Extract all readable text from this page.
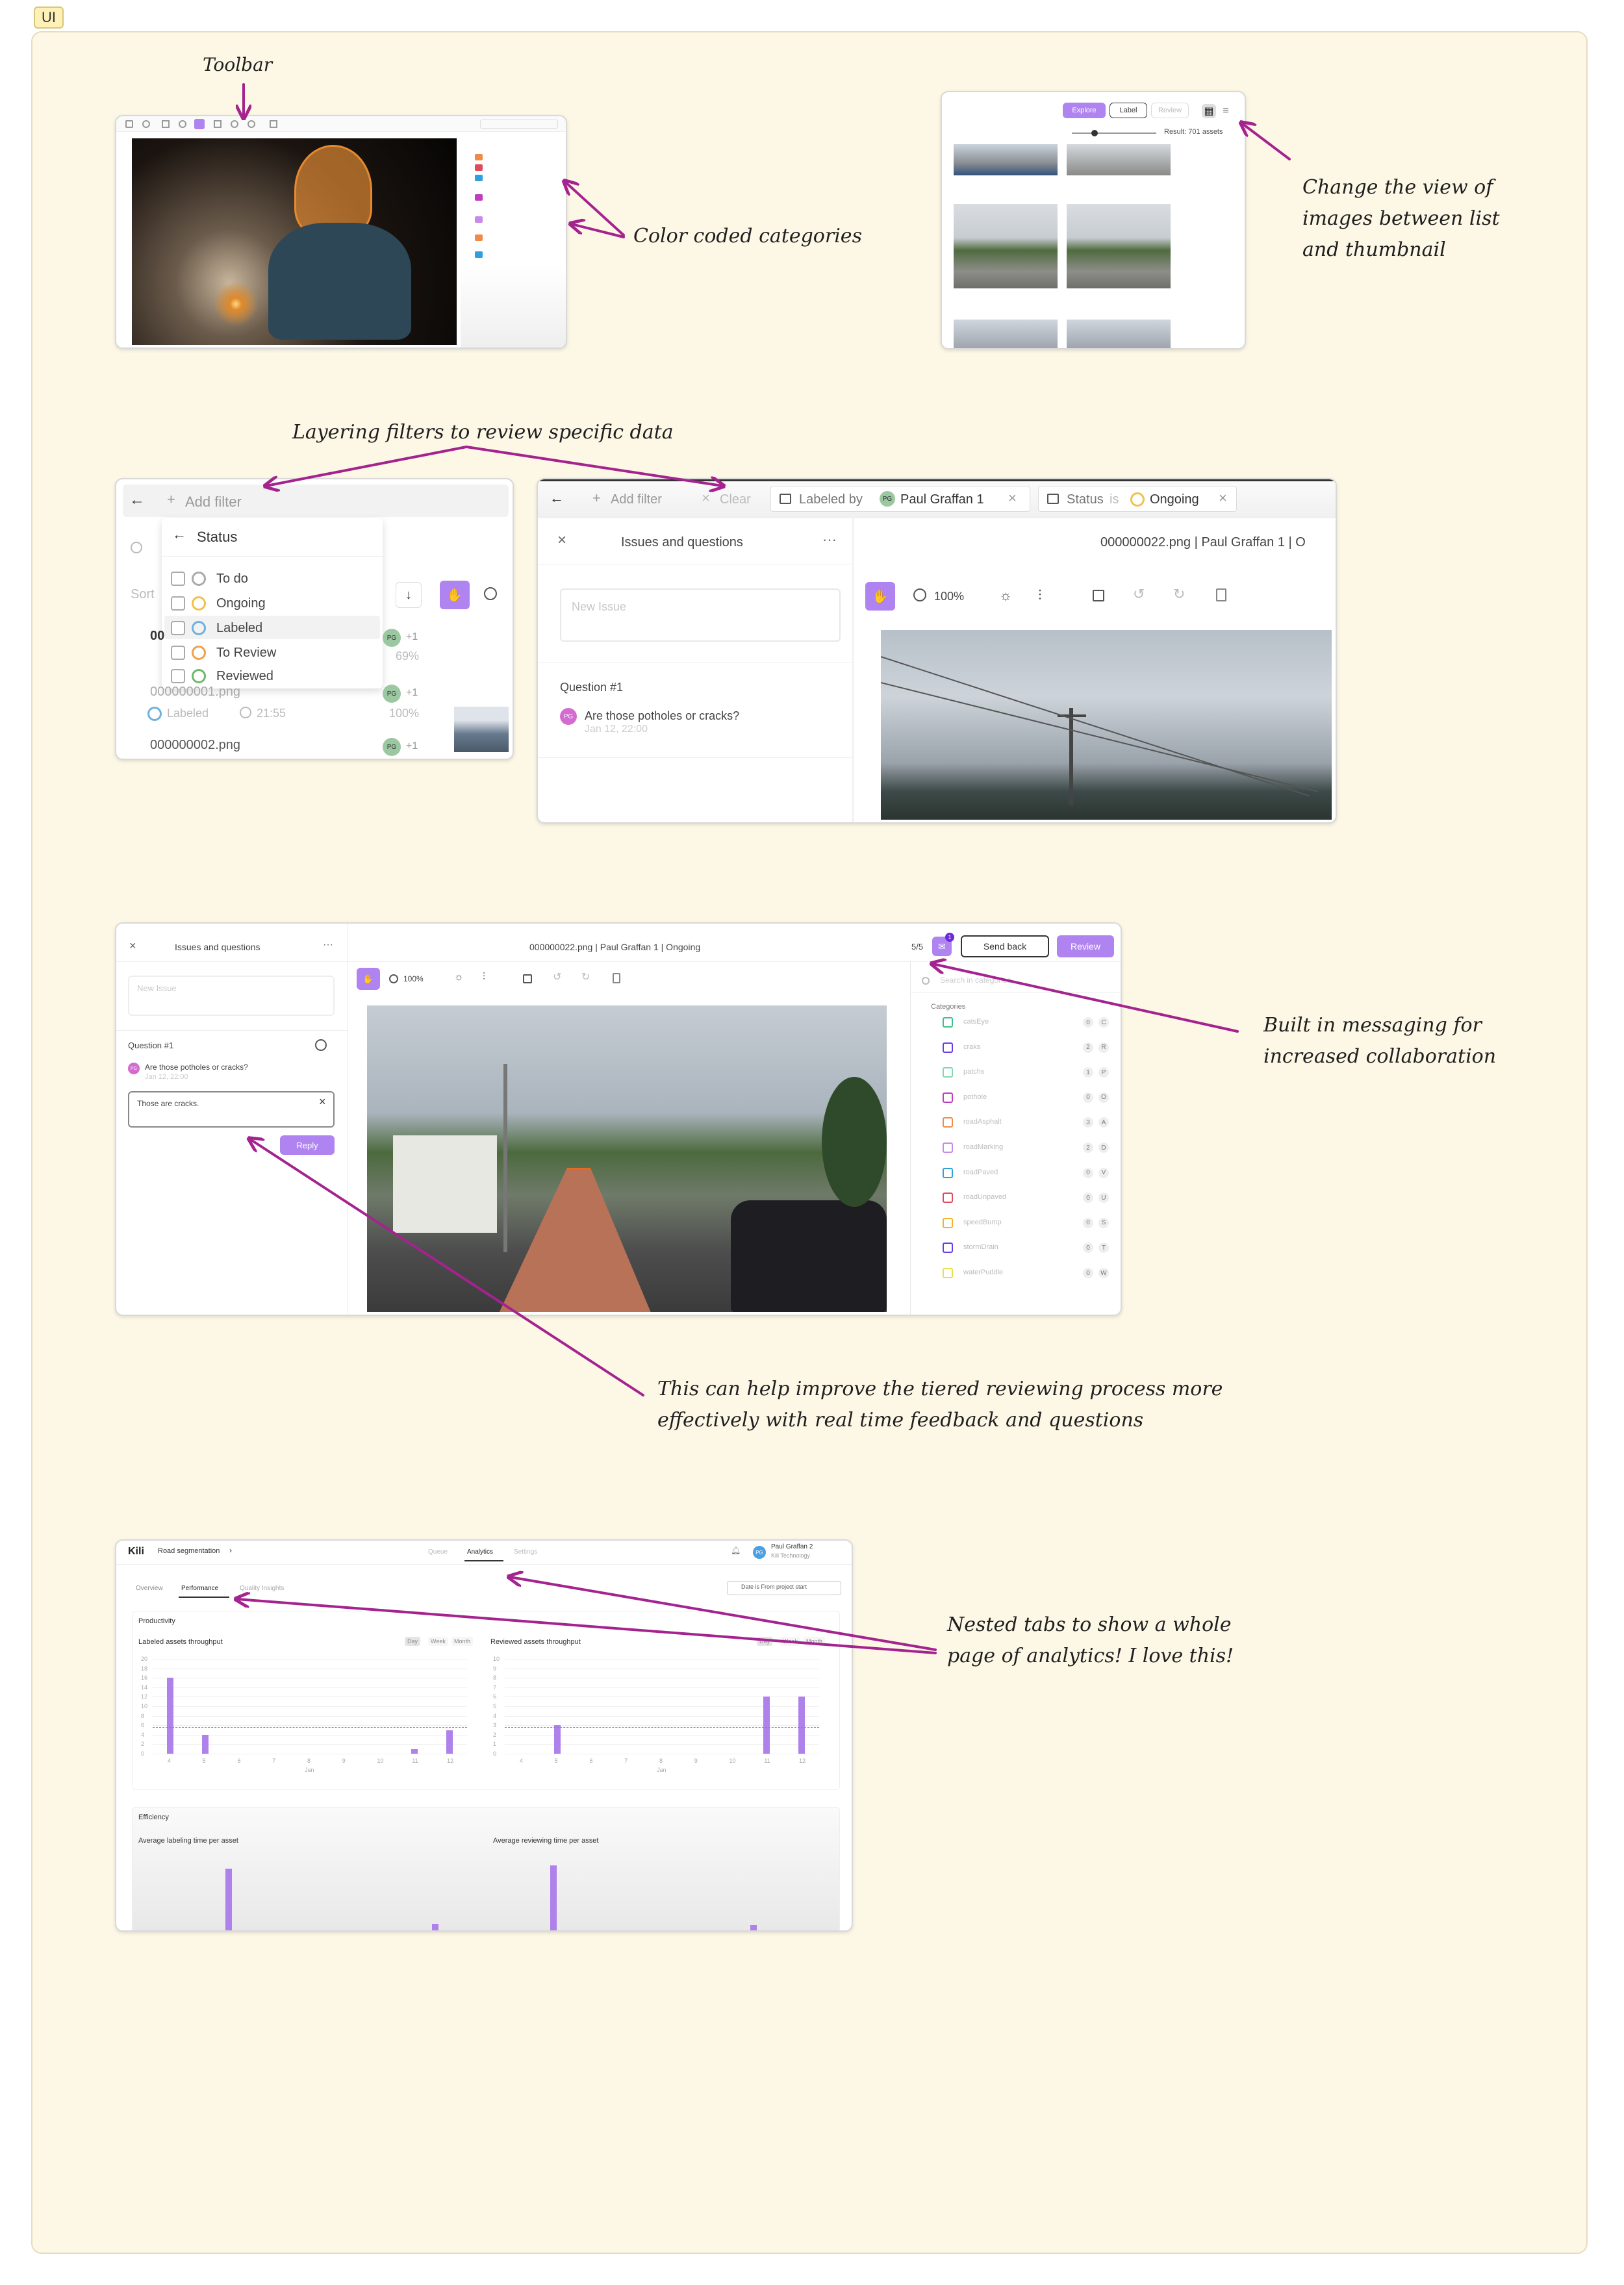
UI
Toolbar
Color coded categories
Change the view of images between list and thumbnail
Layering filters to review specific data
Built in messaging for increased collaboration
This can help improve the tiered reviewing process more effectively with real time feedback and questions
Nested tabs to show a whole page of analytics! I love this!
Explore	Label	Review	▦ ≡
Result: 701 assets
← + Add filter
Sort
← Status
To do
Ongoing
Labeled
To Review
Reviewed
↓	✋
00	PG +1
69%
000000001.png	PG +1
Labeled	21:55	100%
000000002.png	PG +1
← + Add filter	× Clear	Labeled by	PG Paul Graffan 1 ×	Status is Ongoing ×
×	Issues and questions	···
New Issue
Question #1
PG Are those potholes or cracks?
Jan 12, 22:00
000000022.png | Paul Graffan 1 | O
✋	100% ☼ ⫶	↺ ↻
×	Issues and questions	···
New Issue
Question #1
PG Are those potholes or cracks?
Jan 12, 22:00
Those are cracks.	×
Reply
000000022.png | Paul Graffan 1 | Ongoing	5/5	✉
1
Send back	Review
✋	100%	☼ ⫶	↺ ↻	Search in categories
Categories
catsEye	0	C
craks	2	R
patchs	1	P
pothole	0	O
roadAsphalt	3	A
roadMarking	2	D
roadPaved	0	V
roadUnpaved	0	U
speedBump	0	S
stormDrain	0	T
waterPuddle	0	W
Kili Road segmentation ›	Queue	Analytics	Settings	🔔︎	PG
Paul Graffan 2
Kili Technology
Overview	Performance	Quality Insights	Date is From project start
Productivity
Efficiency
Average labeling time per asset	Average reviewing time per asset
Labeled assets throughput	Day	Week	Month
20
18
16
14
12
10
8
6
4
2
0
4	5	6	7	8	9	10	11	12
Jan
Reviewed assets throughput	Day	Week	Month
10
9
8
7
6
5
4
3
2
1
0
4	5	6	7	8	9	10	11	12
Jan
